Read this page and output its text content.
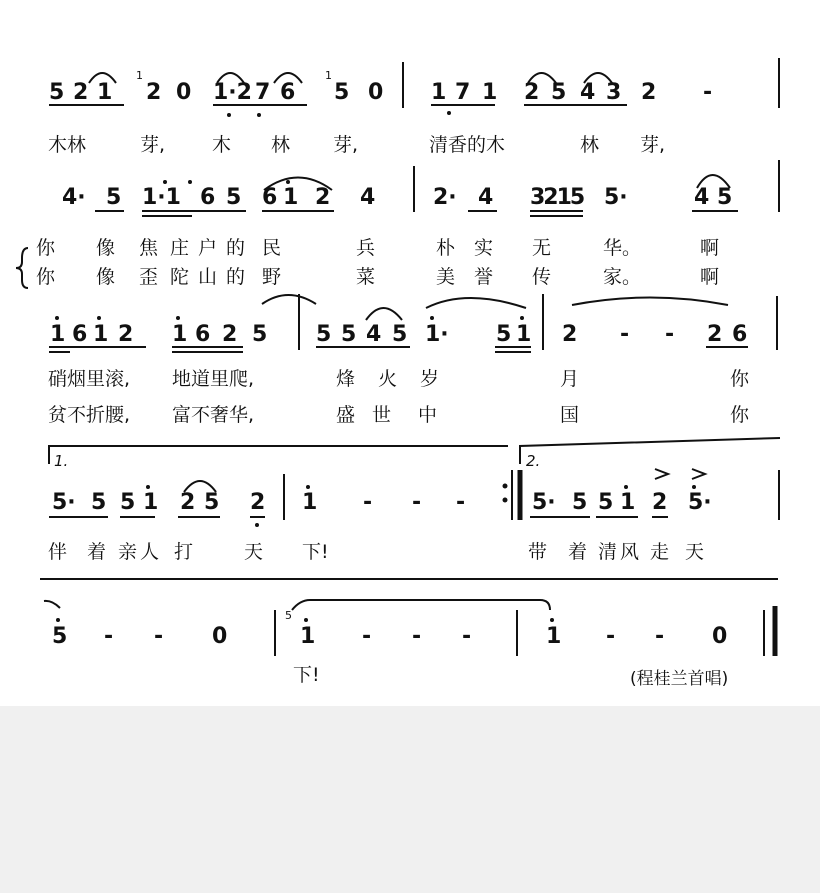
5 2 1
1
2 0 1·2 7 6
1
5 0 1 7 1 2 5 4 3 2 -
木林	芽, 木 林 芽,	清香的木	林 芽,
4· 5 1·1 6 5 6 1 2 4	2· 4 3215 5·	4 5
你 像 焦 庄 户 的 民	兵	朴 实 无	华。	啊
你 像 歪 陀 山 的 野	菜	美 誉 传	家。	啊
1 6 1 2 1 6 2 5 5 5 4 5 1· 5 1 2 - - 2 6
硝烟里滚, 地道里爬,	烽 火 岁	月	你
贫不折腰, 富不奢华,	盛 世 中	国	你
1.	2.
5· 5 5 1 2 5 2 1 - - -	5· 5 5 1 2 5·
伴 着 亲 人 打	天 下!	带 着 清 风 走 天
5 - - 0
5
1 - - -	1 - - 0
下!	(程桂兰首唱)
